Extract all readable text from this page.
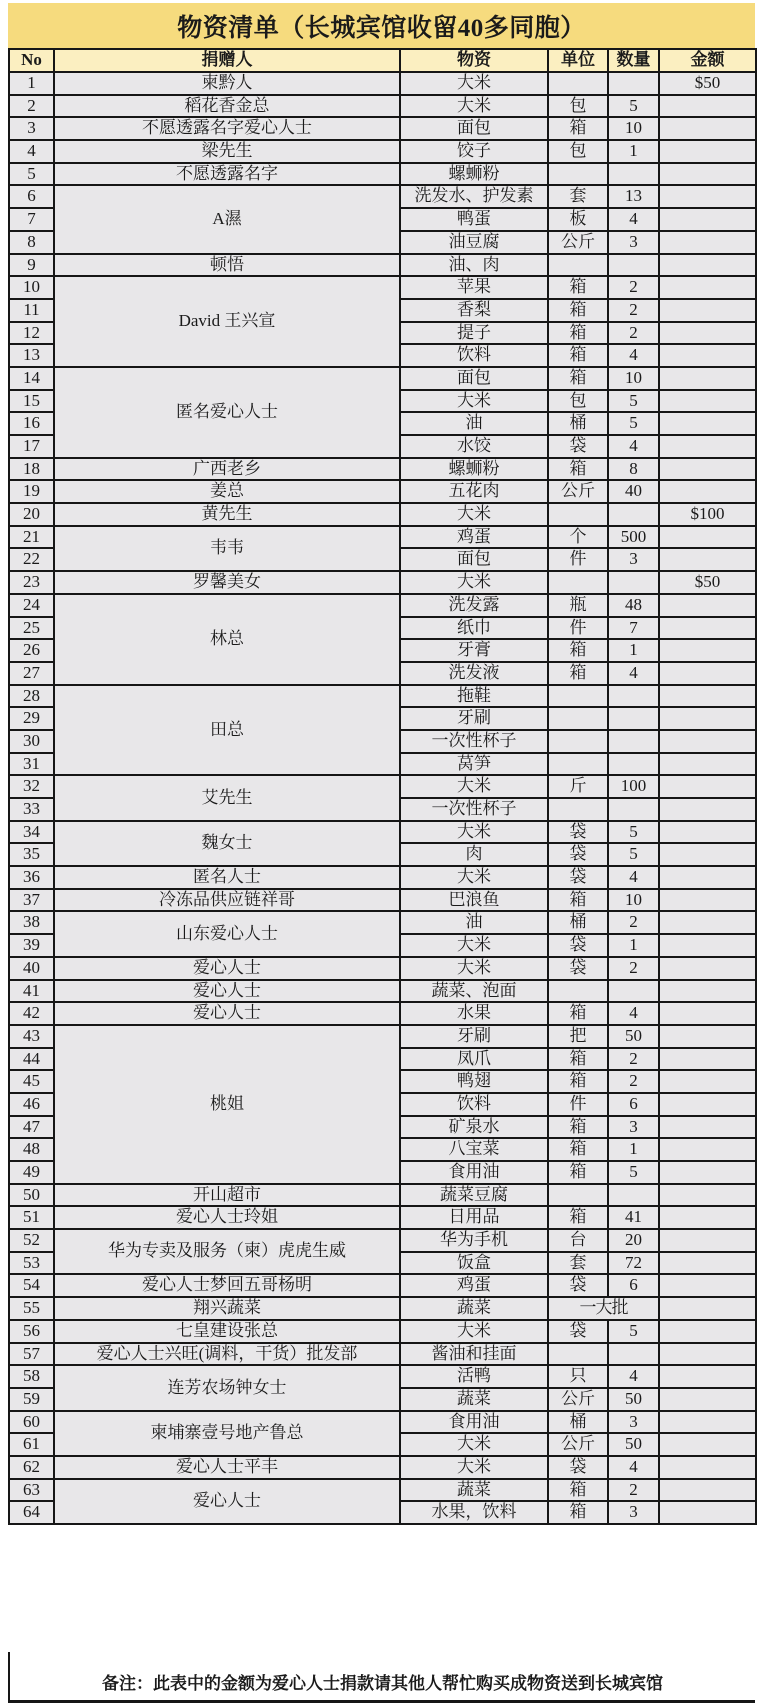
物资清单（长城宾馆收留40多同胞）
No	捐赠人	物资	单位	数量	金额
1	柬黔人	大米			$50
2	稻花香金总	大米	包	5	
3	不愿透露名字爱心人士	面包	箱	10	
4	梁先生	饺子	包	1	
5	不愿透露名字	螺蛳粉			
6	A濕	洗发水、护发素	套	13	
7		鸭蛋	板	4	
8		油豆腐	公斤	3	
9	顿悟	油、肉			
10	David 王兴宣	苹果	箱	2	
11		香梨	箱	2	
12		提子	箱	2	
13		饮料	箱	4	
14	匿名爱心人士	面包	箱	10	
15		大米	包	5	
16		油	桶	5	
17		水饺	袋	4	
18	广西老乡	螺蛳粉	箱	8	
19	姜总	五花肉	公斤	40	
20	黄先生	大米			$100
21	韦韦	鸡蛋	个	500	
22		面包	件	3	
23	罗馨美女	大米			$50
24	林总	洗发露	瓶	48	
25		纸巾	件	7	
26		牙膏	箱	1	
27		洗发液	箱	4	
28	田总	拖鞋			
29		牙刷			
30		一次性杯子			
31		莴笋			
32	艾先生	大米	斤	100	
33		一次性杯子			
34	魏女士	大米	袋	5	
35		肉	袋	5	
36	匿名人士	大米	袋	4	
37	冷冻品供应链祥哥	巴浪鱼	箱	10	
38	山东爱心人士	油	桶	2	
39		大米	袋	1	
40	爱心人士	大米	袋	2	
41	爱心人士	蔬菜、泡面			
42	爱心人士	水果	箱	4	
43	桃姐	牙刷	把	50	
44		凤爪	箱	2	
45		鸭翅	箱	2	
46		饮料	件	6	
47		矿泉水	箱	3	
48		八宝菜	箱	1	
49		食用油	箱	5	
50	开山超市	蔬菜豆腐			
51	爱心人士玲姐	日用品	箱	41	
52	华为专卖及服务（柬）虎虎生威	华为手机	台	20	
53		饭盒	套	72	
54	爱心人士梦回五哥杨明	鸡蛋	袋	6	
55	翔兴蔬菜	蔬菜	一大批		
56	七皇建设张总	大米	袋	5	
57	爱心人士兴旺(调料，干货）批发部	酱油和挂面			
58	连芳农场钟女士	活鸭	只	4	
59		蔬菜	公斤	50	
60	柬埔寨壹号地产鲁总	食用油	桶	3	
61		大米	公斤	50	
62	爱心人士平丰	大米	袋	4	
63	爱心人士	蔬菜	箱	2	
64		水果，饮料	箱	3	
备注：此表中的金额为爱心人士捐款请其他人帮忙购买成物资送到长城宾馆
